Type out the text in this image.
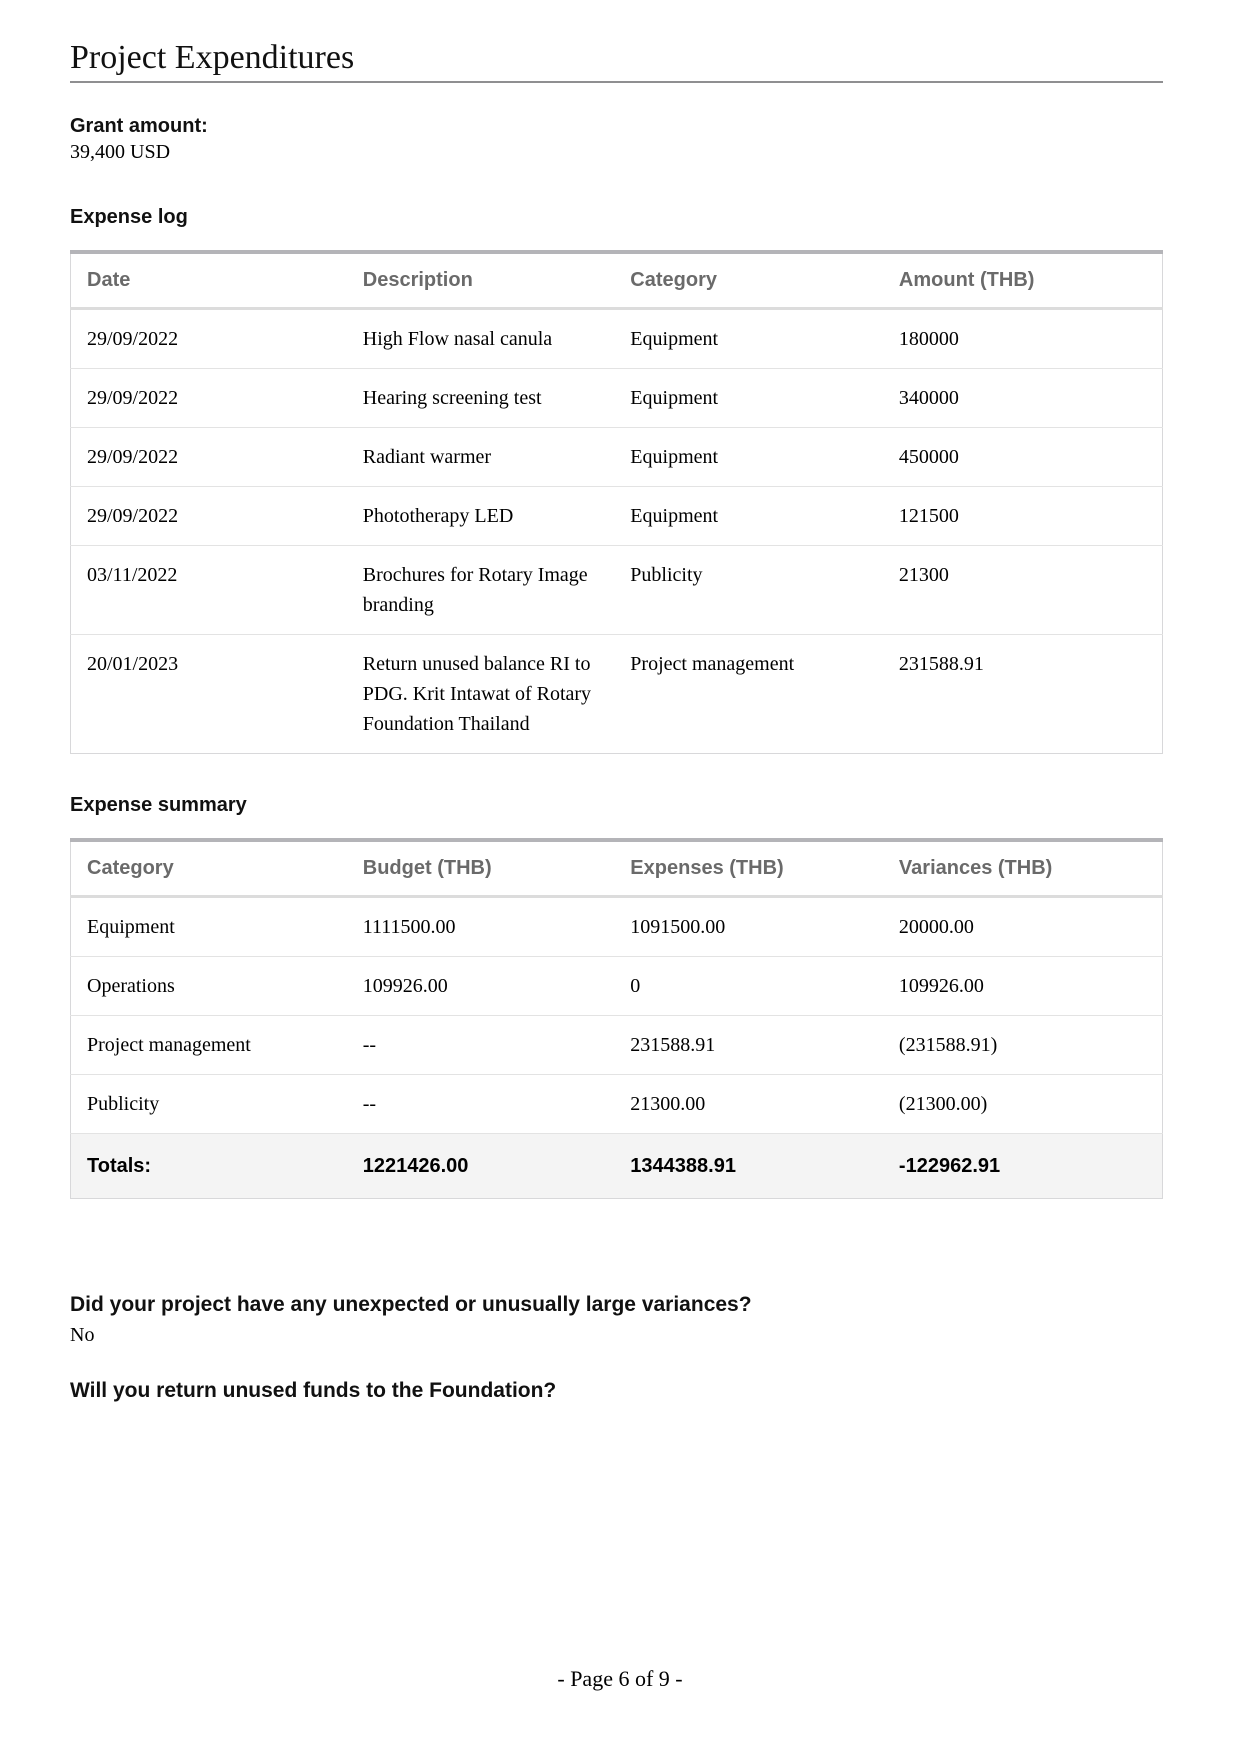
Project Expenditures
Grant amount:
39,400 USD
Expense log
Date	Description	Category	Amount (THB)
29/09/2022	High Flow nasal canula	Equipment	180000
29/09/2022	Hearing screening test	Equipment	340000
29/09/2022	Radiant warmer	Equipment	450000
29/09/2022	Phototherapy LED	Equipment	121500
03/11/2022	Brochures for Rotary Image branding	Publicity	21300
20/01/2023	Return unused balance RI to PDG. Krit Intawat of Rotary Foundation Thailand	Project management	231588.91
Expense summary
Category	Budget (THB)	Expenses (THB)	Variances (THB)
Equipment	1111500.00	1091500.00	20000.00
Operations	109926.00	0	109926.00
Project management	--	231588.91	(231588.91)
Publicity	--	21300.00	(21300.00)
Totals:	1221426.00	1344388.91	-122962.91
Did your project have any unexpected or unusually large variances?
No
Will you return unused funds to the Foundation?
- Page 6 of 9 -
